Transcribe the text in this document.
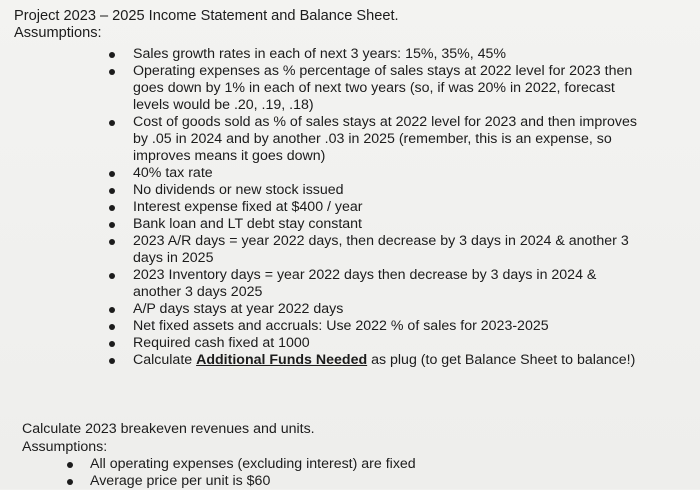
Project 2023 – 2025 Income Statement and Balance Sheet.
Assumptions:
Sales growth rates in each of next 3 years: 15%, 35%, 45%
Operating expenses as % percentage of sales stays at 2022 level for 2023 then goes down by 1% in each of next two years (so, if was 20% in 2022, forecast levels would be .20, .19, .18)
Cost of goods sold as % of sales stays at 2022 level for 2023 and then improves by .05 in 2024 and by another .03 in 2025 (remember, this is an expense, so improves means it goes down)
40% tax rate
No dividends or new stock issued
Interest expense fixed at $400 / year
Bank loan and LT debt stay constant
2023 A/R days = year 2022 days, then decrease by 3 days in 2024 & another 3 days in 2025
2023 Inventory days = year 2022 days then decrease by 3 days in 2024 & another 3 days 2025
A/P days stays at year 2022 days
Net fixed assets and accruals: Use 2022 % of sales for 2023-2025
Required cash fixed at 1000
Calculate Additional Funds Needed as plug (to get Balance Sheet to balance!)
Calculate 2023 breakeven revenues and units.
Assumptions:
All operating expenses (excluding interest) are fixed
Average price per unit is $60
